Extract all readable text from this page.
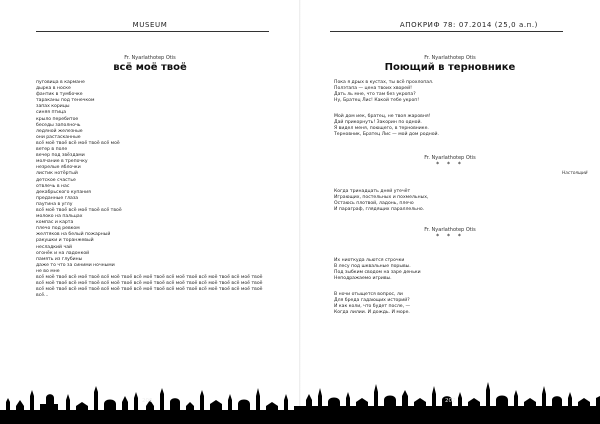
MUSEUM
Fr. Nyarlathotep Otis
всё моё твоё
пуговица в кармане
дырка в носке
фантик в тумбочке
тараканы под тенечком
запах корицы
синяя птица
крыло перебитое
беседы заполночь
ледяной железные
они растасканные
всё моё твоё всё моё твоё всё моё
ветер в поле
вечер под звёздами
молчание в трепочку
незрелые яблочки
листик нотёртый
детское счастье
отвлечь в нас
декабрьского купания
преданные глаза
паутина в углу
всё моё твоё всё моё твоё всё твоё
молоко на пальцах
компас и карта
плечо под ревком
желтяков на белый пожарный
ракушки и торанжевый
несладкий чай
огонёк и на ладонкой
память из глубины
даже то что за синими ночными
не во мне
всё моё твоё всё моё твоё всё моё твоё всё моё твоё всё моё твоё всё моё твоё всё моё твоё
всё моё твоё всё моё твоё всё моё твоё всё моё твоё всё моё твоё всё моё твоё всё моё твоё
всё моё твоё всё моё твоё всё моё твоё всё моё твоё всё моё твоё всё моё твоё всё моё твоё
всё...
206
АПОКРИФ 78: 07.2014 (25,0 a.п.)
Fr. Nyarlathotep Otis
Поющий в терновнике
Пока я дрых в кустах, ты всё прохлопал.
Полэтапа — цена твоих хворей!
Дать ль мне, что там без укропа?
Ну, Братец Лис! Какой тебе укроп!
Мой дом иек, братец, не твоя жаровня!
Дай прикорнуть! Закорин по одной.
Я видел меня, поющего, в терновнике.
Терновник, Братец Лис — мой дом родной.
Fr. Nyarlathotep Otis
* * *
Настоящий
Когда тринадцать дней утечёт
Играющих, постельных и похмельных,
Остаюсь плотвой, ладонь, плечо
И параграф, глядящих параллельно.
Fr. Nyarlathotep Otis
* * *
Их ниоткуда льются строчки
В лесу под шквальные порывы.
Под зыбким сводом на заре деньки
Неподражаемо игривы.
В ночи отыщется вопрос, ли
Для бреда гадающих историй?
И как коли, что будет после, —
Когда лилии. И дождь. И море.
207
